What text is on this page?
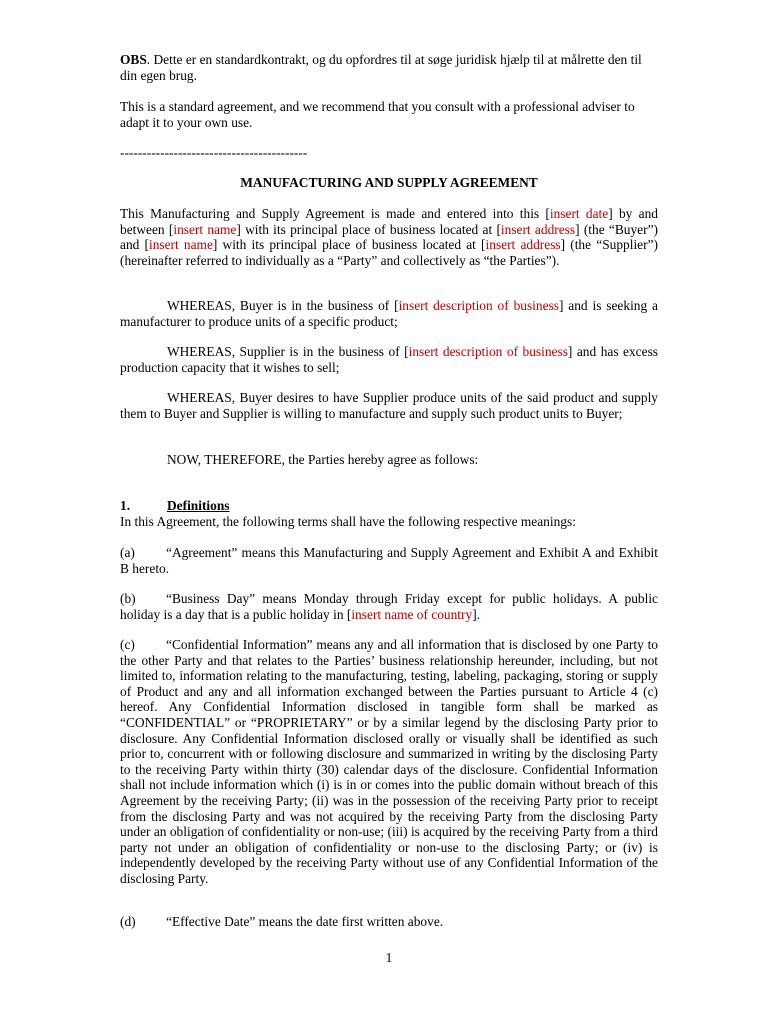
OBS. Dette er en standardkontrakt, og du opfordres til at søge juridisk hjælp til at målrette den til din egen brug.

This is a standard agreement, and we recommend that you consult with a professional adviser to adapt it to your own use.

------------------------------------------

MANUFACTURING AND SUPPLY AGREEMENT

This Manufacturing and Supply Agreement is made and entered into this [insert date] by and between [insert name] with its principal place of business located at [insert address] (the “Buyer”) and [insert name] with its principal place of business located at [insert address] (the “Supplier”) (hereinafter referred to individually as a “Party” and collectively as “the Parties”).

WHEREAS, Buyer is in the business of [insert description of business] and is seeking a manufacturer to produce units of a specific product;

WHEREAS, Supplier is in the business of [insert description of business] and has excess production capacity that it wishes to sell;

WHEREAS, Buyer desires to have Supplier produce units of the said product and supply them to Buyer and Supplier is willing to manufacture and supply such product units to Buyer;

NOW, THEREFORE, the Parties hereby agree as follows:

1.	Definitions

In this Agreement, the following terms shall have the following respective meanings:

(a) “Agreement” means this Manufacturing and Supply Agreement and Exhibit A and Exhibit B hereto.

(b) “Business Day” means Monday through Friday except for public holidays. A public holiday is a day that is a public holiday in [insert name of country].

(c) “Confidential Information” means any and all information that is disclosed by one Party to the other Party and that relates to the Parties’ business relationship hereunder, including, but not limited to, information relating to the manufacturing, testing, labeling, packaging, storing or supply of Product and any and all information exchanged between the Parties pursuant to Article 4 (c) hereof. Any Confidential Information disclosed in tangible form shall be marked as “CONFIDENTIAL” or “PROPRIETARY” or by a similar legend by the disclosing Party prior to disclosure. Any Confidential Information disclosed orally or visually shall be identified as such prior to, concurrent with or following disclosure and summarized in writing by the disclosing Party to the receiving Party within thirty (30) calendar days of the disclosure. Confidential Information shall not include information which (i) is in or comes into the public domain without breach of this Agreement by the receiving Party; (ii) was in the possession of the receiving Party prior to receipt from the disclosing Party and was not acquired by the receiving Party from the disclosing Party under an obligation of confidentiality or non-use; (iii) is acquired by the receiving Party from a third party not under an obligation of confidentiality or non-use to the disclosing Party; or (iv) is independently developed by the receiving Party without use of any Confidential Information of the disclosing Party.

(d) “Effective Date” means the date first written above.

1
